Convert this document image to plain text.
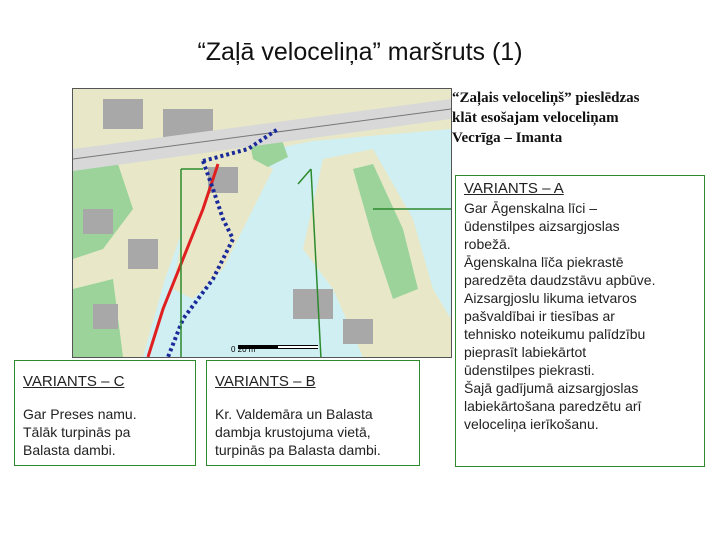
“Zaļā veloceliņa” maršruts (1)
0 20 m
“Zaļais veloceliņš” pieslēdzas
klāt esošajam veloceliņam
Vecrīga – Imanta
VARIANTS – A

Gar Āgenskalna līci –

ūdenstilpes aizsargjoslas

robežā.

Āgenskalna līča piekrastē

paredzēta daudzstāvu apbūve.

Aizsargjoslu likuma ietvaros

pašvaldībai ir tiesības ar

tehnisko noteikumu palīdzību

pieprasīt labiekārtot

ūdenstilpes piekrasti.

Šajā gadījumā aizsargjoslas

labiekārtošana paredzētu arī

veloceliņa ierīkošanu.

VARIANTS – C

Gar Preses namu.

Tālāk turpinās pa

Balasta dambi.

VARIANTS – B

Kr. Valdemāra un Balasta

dambja krustojuma vietā,

turpinās pa Balasta dambi.
